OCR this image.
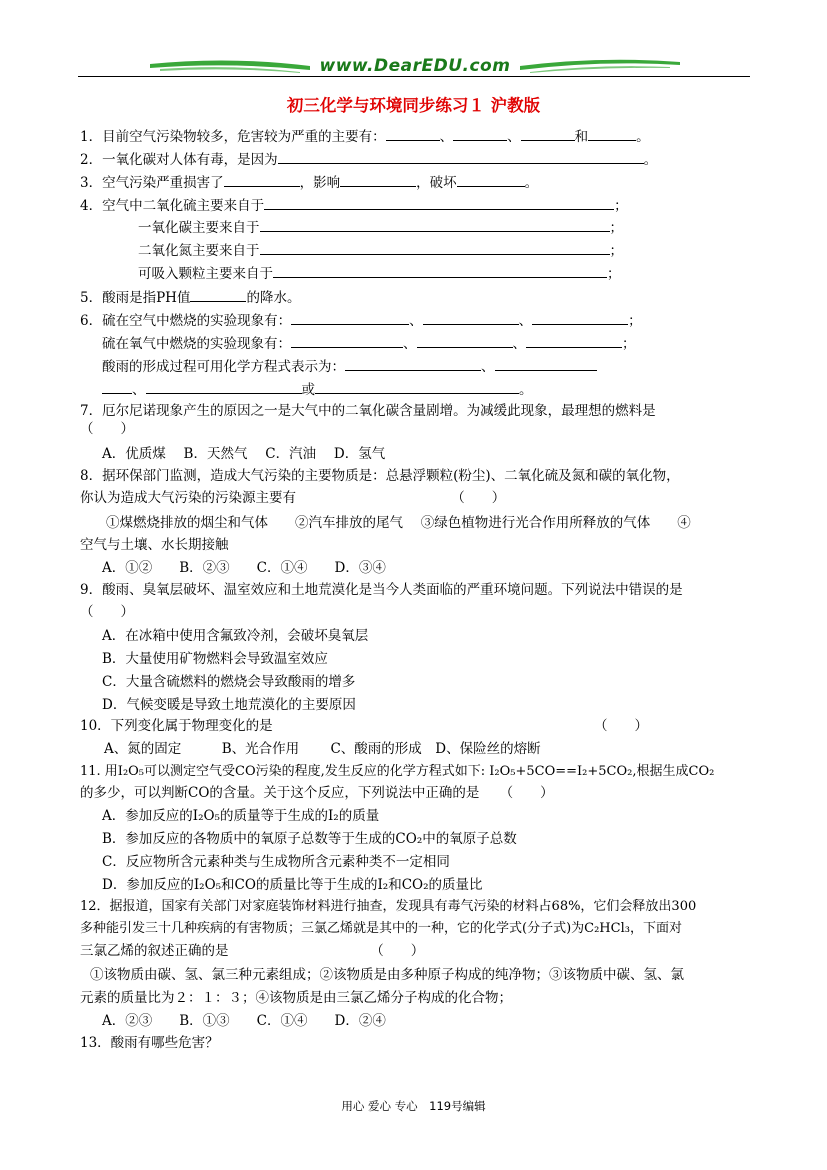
www.DearEDU.com
初三化学与环境同步练习１ 沪教版
1．目前空气污染物较多，危害较为严重的主要有：	、	、	和	。
2．一氧化碳对人体有毒，是因为	。
3．空气污染严重损害了	，影响	，破坏	。
4．空气中二氧化硫主要来自于	；
一氧化碳主要来自于	；
二氧化氮主要来自于	；
可吸入颗粒主要来自于	；
5．酸雨是指PH值	的降水。
6．硫在空气中燃烧的实验现象有：	、	、	；
硫在氧气中燃烧的实验现象有：	、	、	；
酸雨的形成过程可用化学方程式表示为：	、
、	或	。
7．厄尔尼诺现象产生的原因之一是大气中的二氧化碳含量剧增。为减缓此现象，最理想的燃料是
（　　）
A．优质煤　 B．天然气　 C．汽油　 D．氢气
8．据环保部门监测，造成大气污染的主要物质是：总悬浮颗粒(粉尘)、二氧化硫及氮和碳的氧化物，
你认为造成大气污染的污染源主要有　　　　　　　　　　　　（　　）
①煤燃烧排放的烟尘和气体　　②汽车排放的尾气　 ③绿色植物进行光合作用所释放的气体　　④
空气与土壤、水长期接触
A．①②　　B．②③　　C．①④　　D．③④
9．酸雨、臭氧层破坏、温室效应和土地荒漠化是当今人类面临的严重环境问题。下列说法中错误的是
（　　）
A．在冰箱中使用含氟致冷剂，会破坏臭氧层
B．大量使用矿物燃料会导致温室效应
C．大量含硫燃料的燃烧会导致酸雨的增多
D．气候变暖是导致土地荒漠化的主要原因
10．下列变化属于物理变化的是	（　　）
A、氮的固定　　　B、光合作用　　 C、酸雨的形成　D、保险丝的熔断
11. 用I₂O₅可以测定空气受CO污染的程度,发生反应的化学方程式如下: I₂O₅+5CO==I₂+5CO₂,根据生成CO₂
的多少，可以判断CO的含量。关于这个反应，下列说法中正确的是　　（　　）
A．参加反应的I₂O₅的质量等于生成的I₂的质量
B．参加反应的各物质中的氧原子总数等于生成的CO₂中的氧原子总数
C．反应物所含元素种类与生成物所含元素种类不一定相同
D．参加反应的I₂O₅和CO的质量比等于生成的I₂和CO₂的质量比
12．据报道，国家有关部门对家庭装饰材料进行抽查，发现具有毒气污染的材料占68%，它们会释放出300
多种能引发三十几种疾病的有害物质；三氯乙烯就是其中的一种，它的化学式(分子式)为C₂HCl₃，下面对
三氯乙烯的叙述正确的是　　　　　　　　　　　（　　）
①该物质由碳、氢、氯三种元素组成；②该物质是由多种原子构成的纯净物；③该物质中碳、氢、氯
元素的质量比为２：１：３；④该物质是由三氯乙烯分子构成的化合物；
A．②③　　B．①③　　C．①④　　D．②④
13．酸雨有哪些危害？
用心 爱心 专心　119号编辑
